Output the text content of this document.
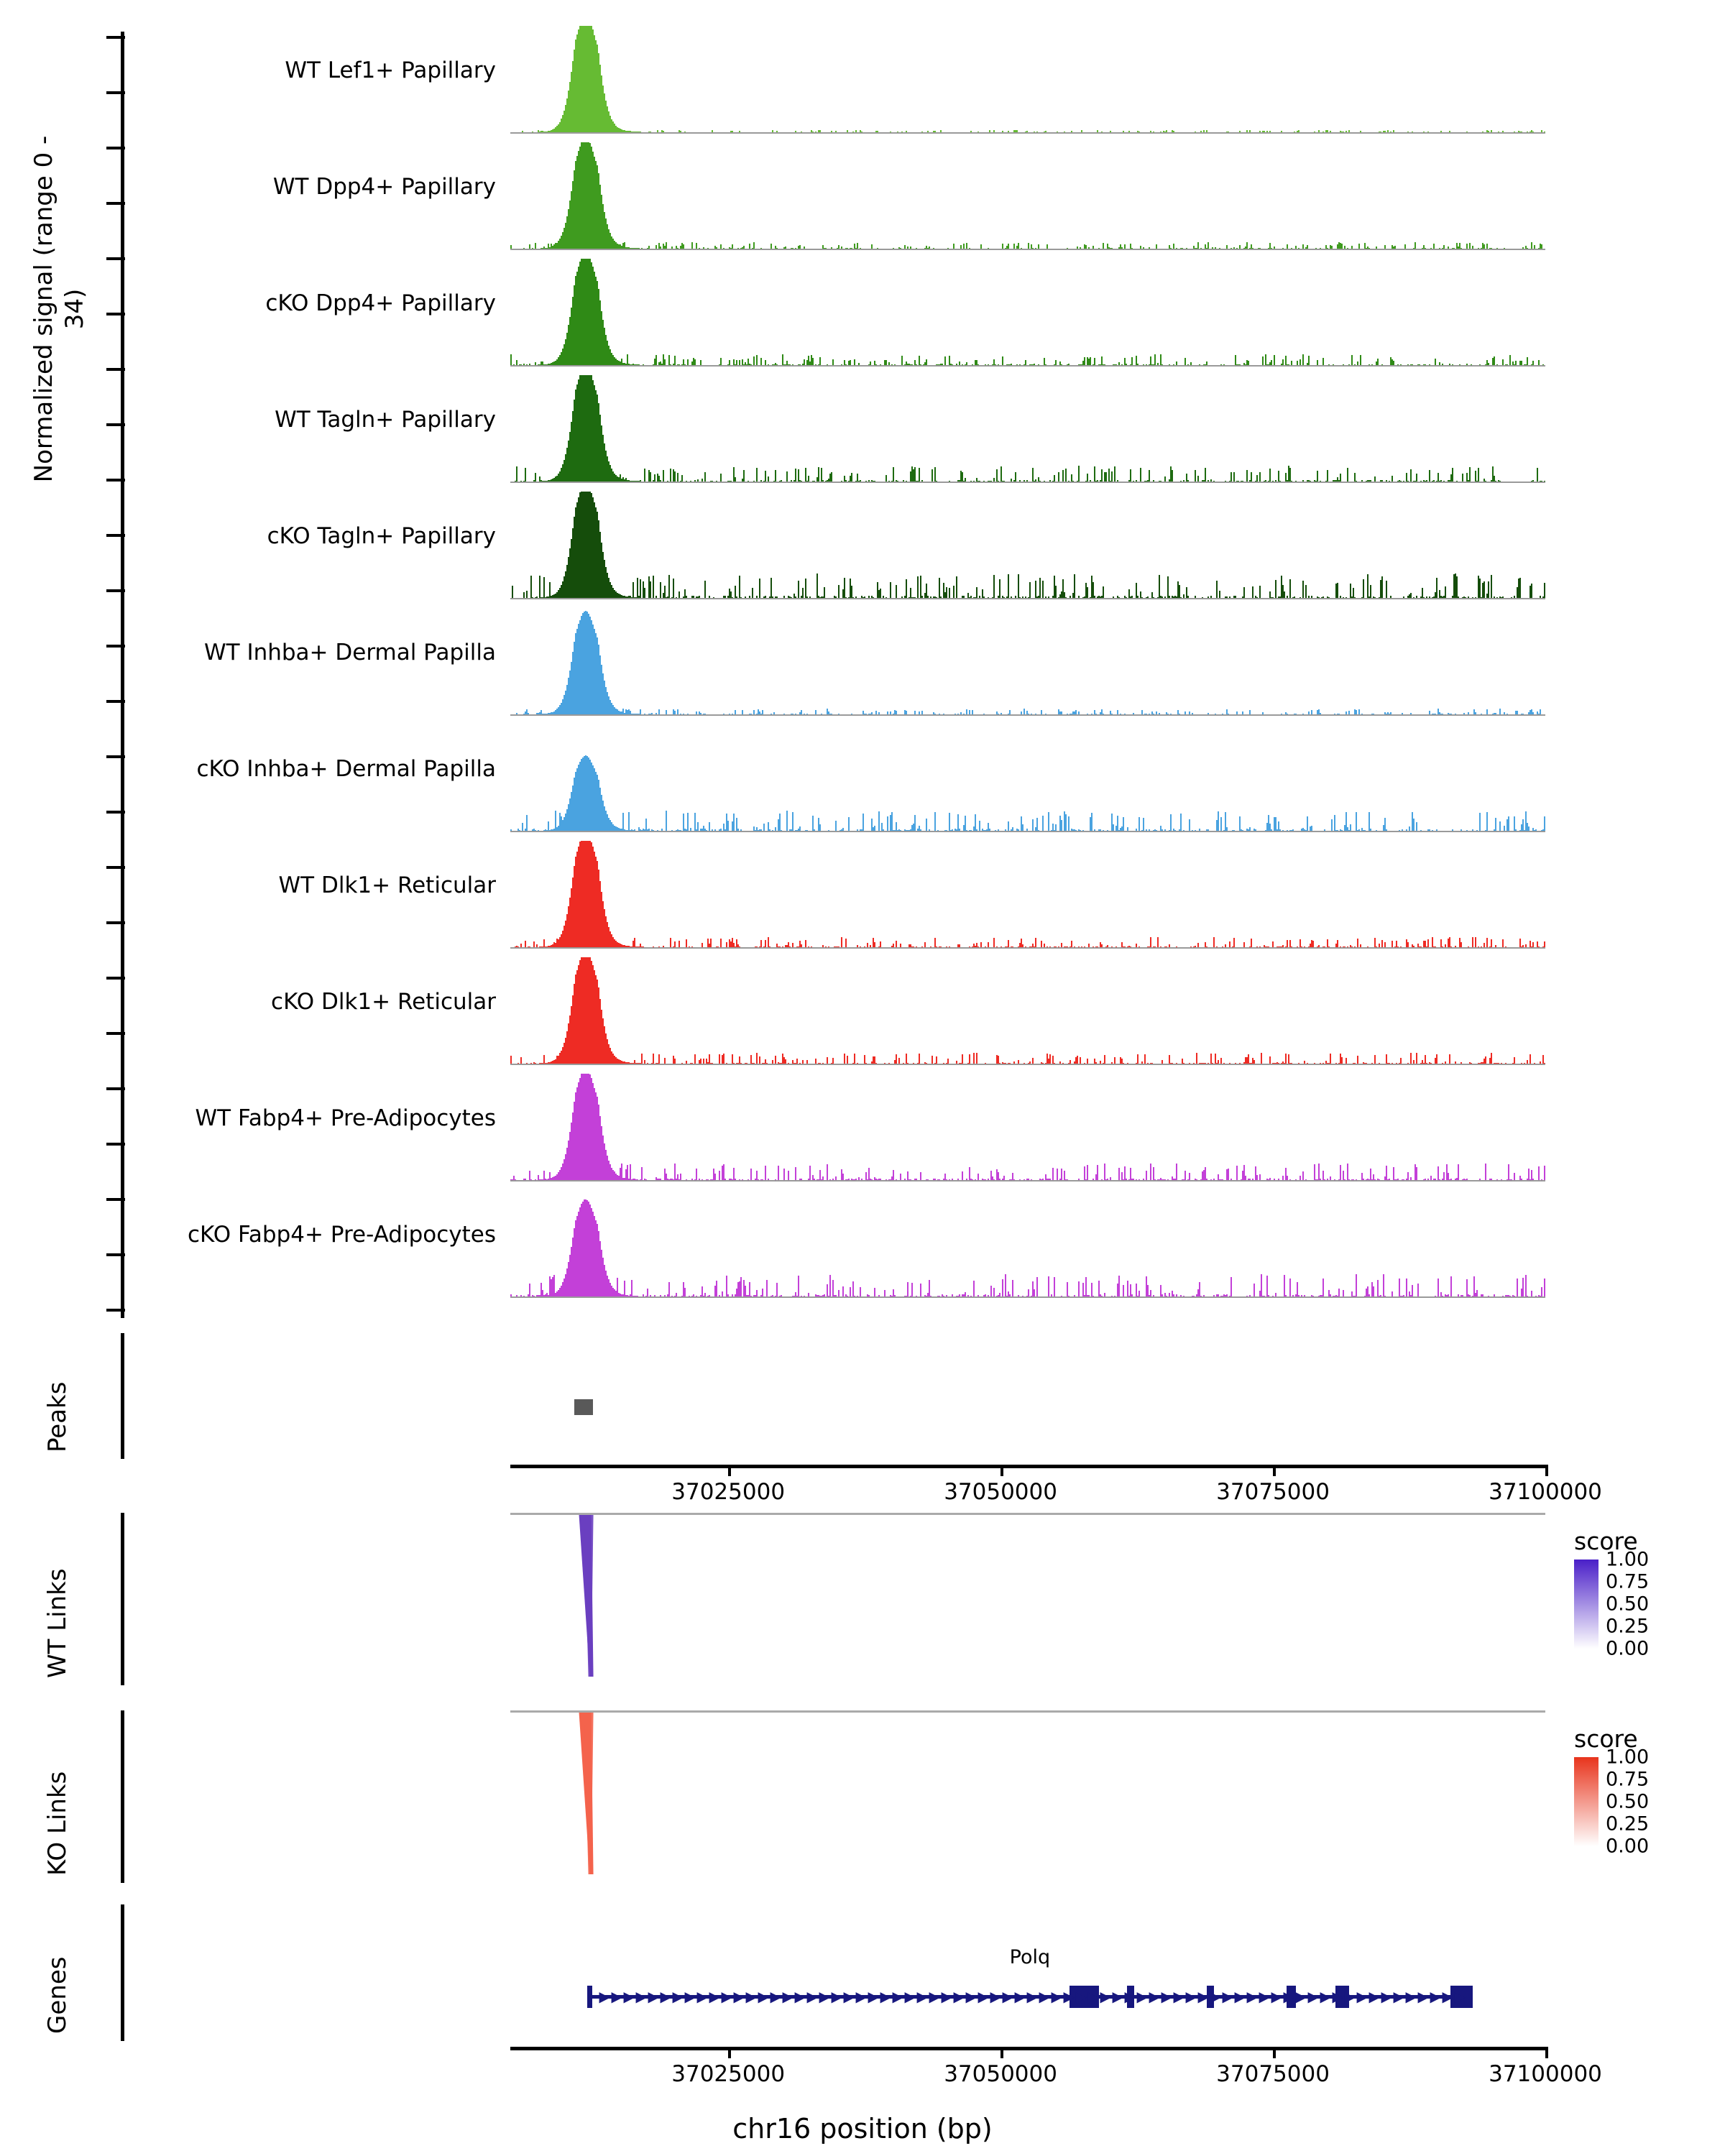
Normalized signal (range 0 - 34)
WT Lef1+ Papillary
WT Dpp4+ Papillary
cKO Dpp4+ Papillary
WT Tagln+ Papillary
cKO Tagln+ Papillary
WT Inhba+ Dermal Papilla
cKO Inhba+ Dermal Papilla
WT Dlk1+ Reticular
cKO Dlk1+ Reticular
WT Fabp4+ Pre-Adipocytes
cKO Fabp4+ Pre-Adipocytes
Peaks
37025000	37050000	37075000	37100000
WT Links
score
1.00
0.75
0.50
0.25
0.00
KO Links
score
1.00
0.75
0.50
0.25
0.00
Genes	Polq
▶ ▶ ▶ ▶ ▶ ▶ ▶ ▶ ▶ ▶ ▶ ▶ ▶ ▶ ▶ ▶ ▶ ▶ ▶ ▶ ▶ ▶ ▶ ▶ ▶ ▶ ▶ ▶ ▶ ▶ ▶ ▶ ▶ ▶ ▶ ▶ ▶ ▶ ▶ ▶ ▶ ▶ ▶ ▶ ▶ ▶ ▶ ▶ ▶ ▶ ▶ ▶ ▶ ▶ ▶ ▶ ▶ ▶ ▶ ▶ ▶ ▶ ▶ ▶ ▶ ▶ ▶ ▶ ▶ ▶ ▶
37025000	37050000	37075000	37100000
chr16 position (bp)
